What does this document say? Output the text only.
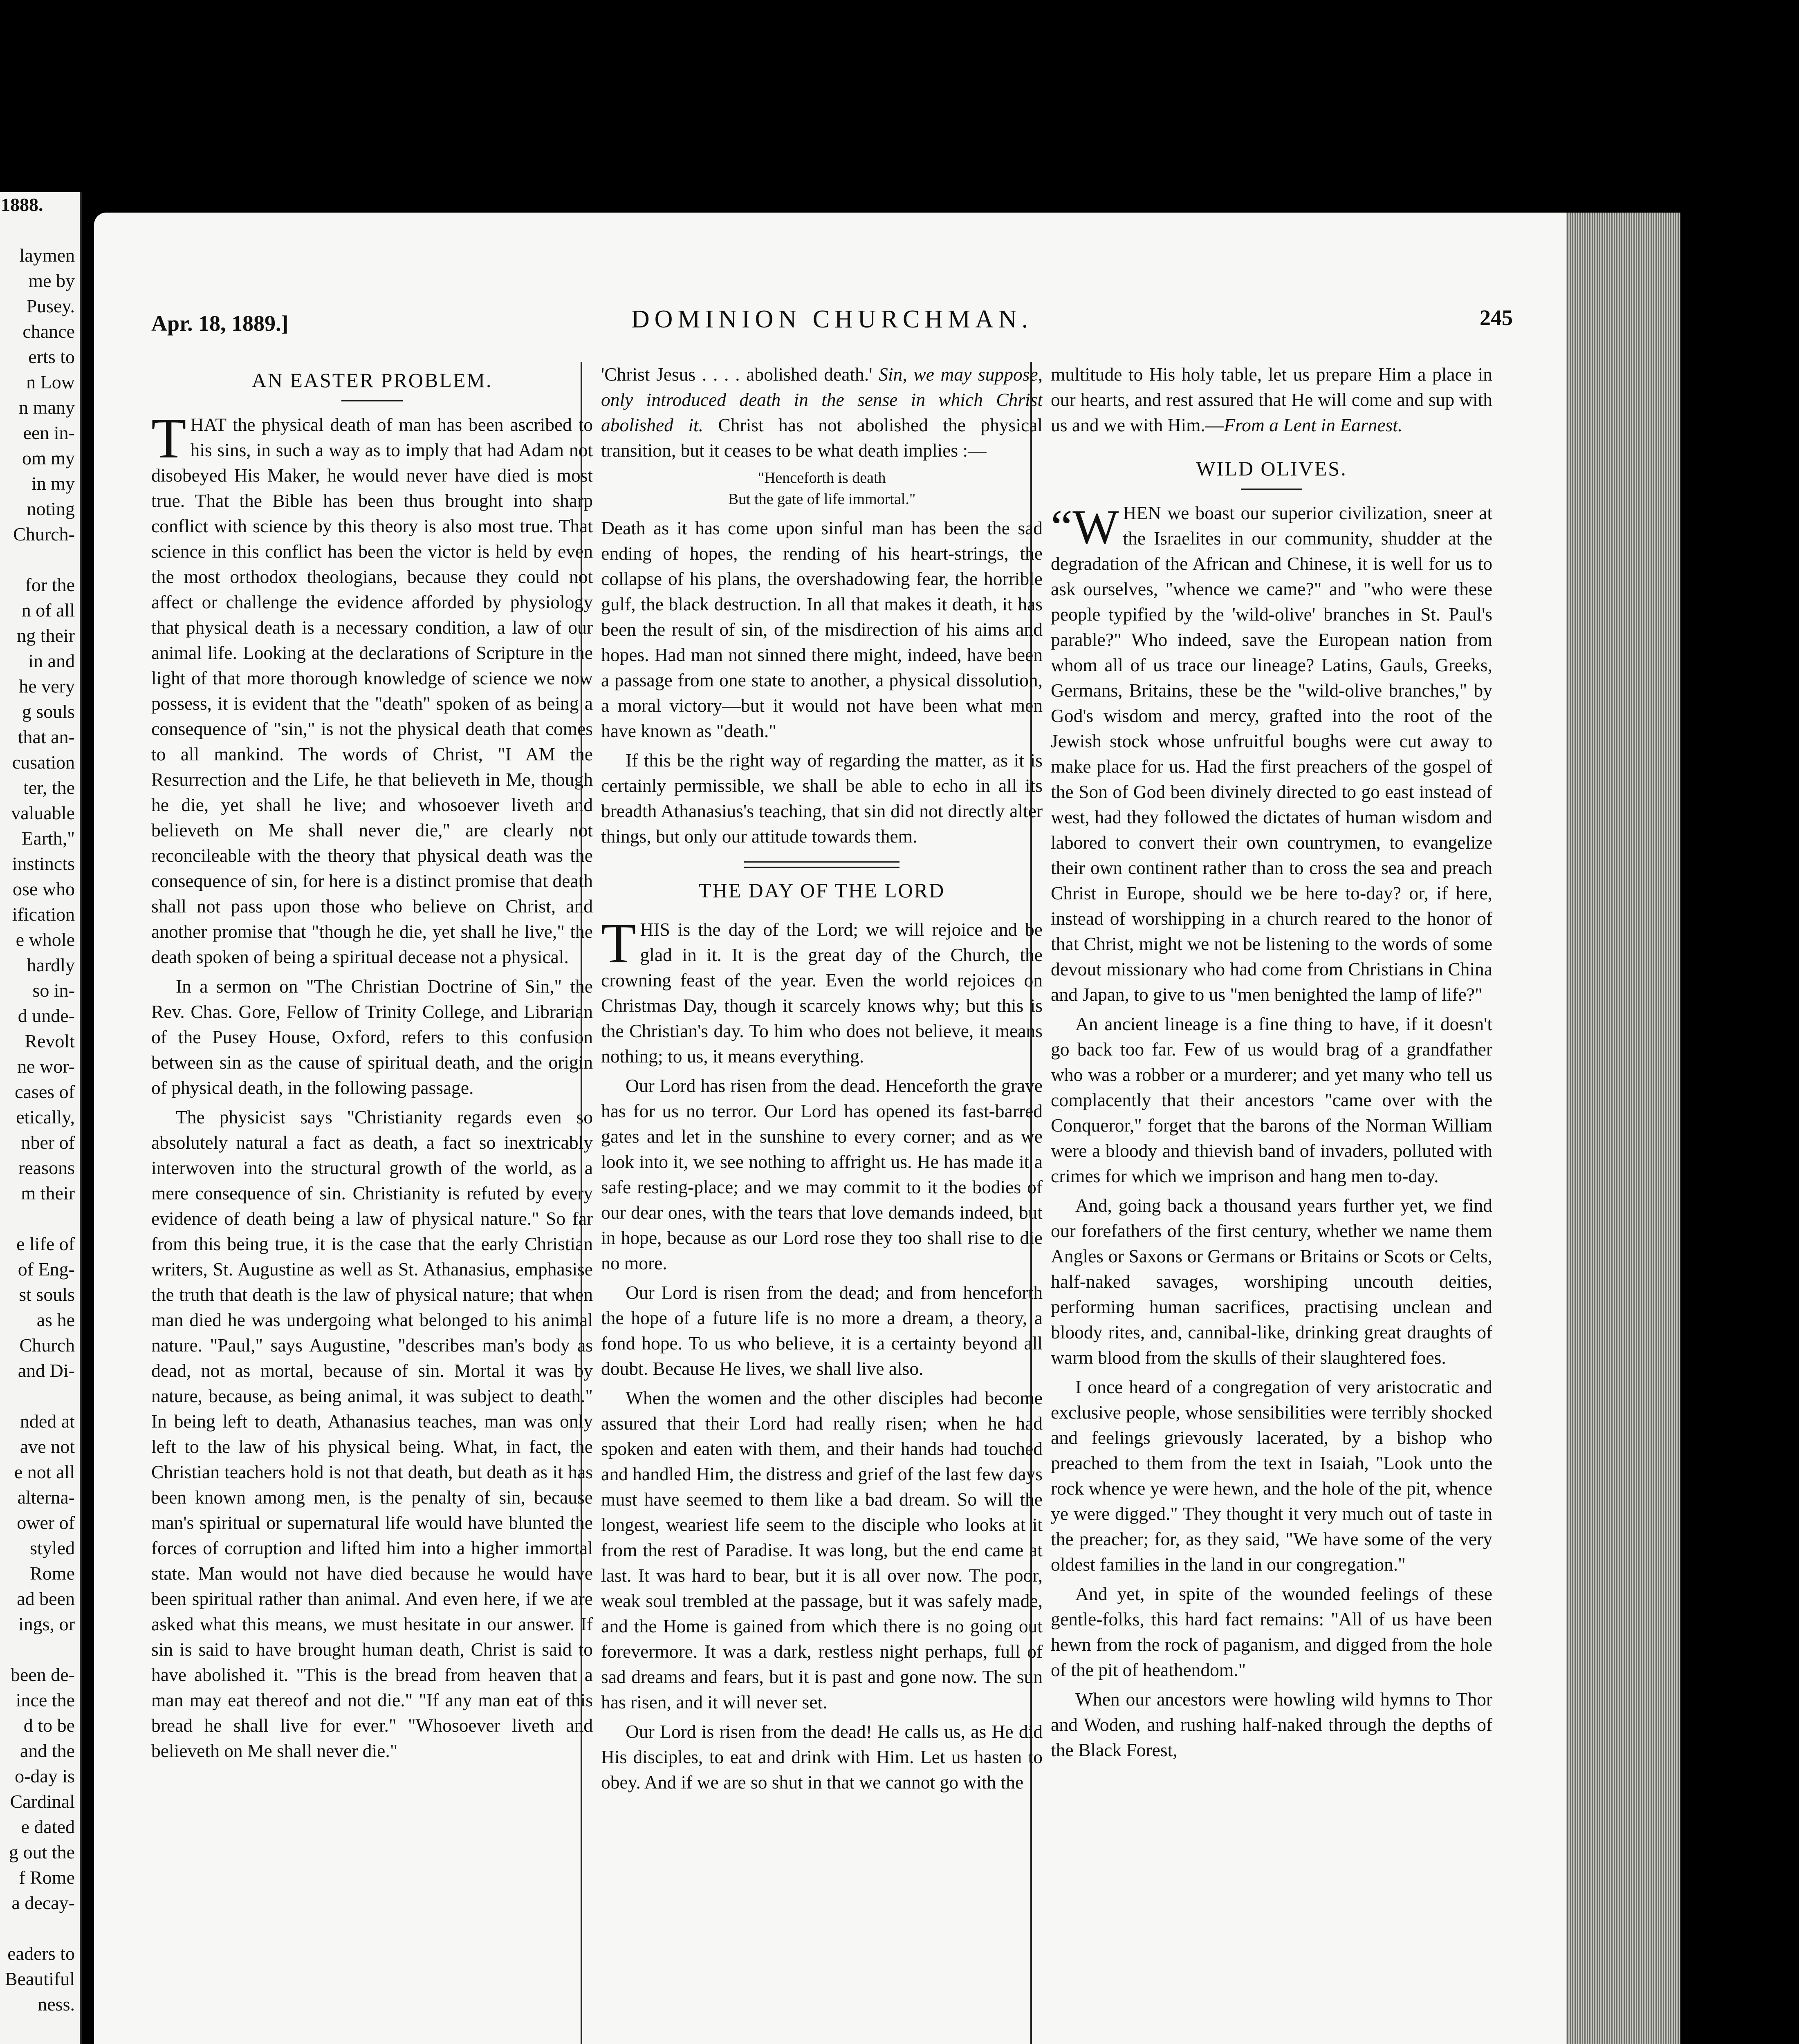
1888.
laymen
me by
Pusey.
chance
erts to
n Low
n many
een in-
om my
in my
noting
Church-
for the
n of all
ng their
in and
he very
g souls
that an-
cusation
ter, the
valuable
Earth,"
instincts
ose who
ification
e whole
hardly
so in-
d unde-
Revolt
ne wor-
cases of
etically,
nber of
reasons
m their
e life of
of Eng-
st souls
as he
Church
and Di-
nded at
ave not
e not all
alterna-
ower of
styled
Rome
ad been
ings, or
been de-
ince the
d to be
and the
o-day is
Cardinal
e dated
g out the
f Rome
a decay-
eaders to
Beautiful
ness.
Apr. 18, 1889.]	DOMINION CHURCHMAN.	245
AN EASTER PROBLEM.

THAT the physical death of man has been ascribed to his sins, in such a way as to imply that had Adam not disobeyed His Maker, he would never have died is most true. That the Bible has been thus brought into sharp conflict with science by this theory is also most true. That science in this conflict has been the victor is held by even the most orthodox theologians, because they could not affect or challenge the evidence afforded by physiology that physical death is a necessary condition, a law of our animal life. Looking at the declarations of Scripture in the light of that more thorough knowledge of science we now possess, it is evident that the "death" spoken of as being a consequence of "sin," is not the physical death that comes to all mankind. The words of Christ, "I AM the Resurrection and the Life, he that believeth in Me, though he die, yet shall he live; and whosoever liveth and believeth on Me shall never die," are clearly not reconcileable with the theory that physical death was the consequence of sin, for here is a distinct promise that death shall not pass upon those who believe on Christ, and another promise that "though he die, yet shall he live," the death spoken of being a spiritual decease not a physical.

In a sermon on "The Christian Doctrine of Sin," the Rev. Chas. Gore, Fellow of Trinity College, and Librarian of the Pusey House, Oxford, refers to this confusion between sin as the cause of spiritual death, and the origin of physical death, in the following passage.

The physicist says "Christianity regards even so absolutely natural a fact as death, a fact so inextricably interwoven into the structural growth of the world, as a mere consequence of sin. Christianity is refuted by every evidence of death being a law of physical nature." So far from this being true, it is the case that the early Christian writers, St. Augustine as well as St. Athanasius, emphasise the truth that death is the law of physical nature; that when man died he was undergoing what belonged to his animal nature. "Paul," says Augustine, "describes man's body as dead, not as mortal, because of sin. Mortal it was by nature, because, as being animal, it was subject to death." In being left to death, Athanasius teaches, man was only left to the law of his physical being. What, in fact, the Christian teachers hold is not that death, but death as it has been known among men, is the penalty of sin, because man's spiritual or supernatural life would have blunted the forces of corruption and lifted him into a higher immortal state. Man would not have died because he would have been spiritual rather than animal. And even here, if we are asked what this means, we must hesitate in our answer. If sin is said to have brought human death, Christ is said to have abolished it. "This is the bread from heaven that a man may eat thereof and not die." "If any man eat of this bread he shall live for ever." "Whosoever liveth and believeth on Me shall never die."

'Christ Jesus . . . . abolished death.' Sin, we may suppose, only introduced death in the sense in which Christ abolished it. Christ has not abolished the physical transition, but it ceases to be what death implies :—

"Henceforth is death
But the gate of life immortal."

Death as it has come upon sinful man has been the sad ending of hopes, the rending of his heart-strings, the collapse of his plans, the overshadowing fear, the horrible gulf, the black destruction. In all that makes it death, it has been the result of sin, of the misdirection of his aims and hopes. Had man not sinned there might, indeed, have been a passage from one state to another, a physical dissolution, a moral victory—but it would not have been what men have known as "death."

If this be the right way of regarding the matter, as it is certainly permissible, we shall be able to echo in all its breadth Athanasius's teaching, that sin did not directly alter things, but only our attitude towards them.

THE DAY OF THE LORD

THIS is the day of the Lord; we will rejoice and be glad in it. It is the great day of the Church, the crowning feast of the year. Even the world rejoices on Christmas Day, though it scarcely knows why; but this is the Christian's day. To him who does not believe, it means nothing; to us, it means everything.

Our Lord has risen from the dead. Henceforth the grave has for us no terror. Our Lord has opened its fast-barred gates and let in the sunshine to every corner; and as we look into it, we see nothing to affright us. He has made it a safe resting-place; and we may commit to it the bodies of our dear ones, with the tears that love demands indeed, but in hope, because as our Lord rose they too shall rise to die no more.

Our Lord is risen from the dead; and from henceforth the hope of a future life is no more a dream, a theory, a fond hope. To us who believe, it is a certainty beyond all doubt. Because He lives, we shall live also.

When the women and the other disciples had become assured that their Lord had really risen; when he had spoken and eaten with them, and their hands had touched and handled Him, the distress and grief of the last few days must have seemed to them like a bad dream. So will the longest, weariest life seem to the disciple who looks at it from the rest of Paradise. It was long, but the end came at last. It was hard to bear, but it is all over now. The poor, weak soul trembled at the passage, but it was safely made, and the Home is gained from which there is no going out forevermore. It was a dark, restless night perhaps, full of sad dreams and fears, but it is past and gone now. The sun has risen, and it will never set.

Our Lord is risen from the dead! He calls us, as He did His disciples, to eat and drink with Him. Let us hasten to obey. And if we are so shut in that we cannot go with the

multitude to His holy table, let us prepare Him a place in our hearts, and rest assured that He will come and sup with us and we with Him.—From a Lent in Earnest.

WILD OLIVES.

“WHEN we boast our superior civilization, sneer at the Israelites in our community, shudder at the degradation of the African and Chinese, it is well for us to ask ourselves, "whence we came?" and "who were these people typified by the 'wild-olive' branches in St. Paul's parable?" Who indeed, save the European nation from whom all of us trace our lineage? Latins, Gauls, Greeks, Germans, Britains, these be the "wild-olive branches," by God's wisdom and mercy, grafted into the root of the Jewish stock whose unfruitful boughs were cut away to make place for us. Had the first preachers of the gospel of the Son of God been divinely directed to go east instead of west, had they followed the dictates of human wisdom and labored to convert their own countrymen, to evangelize their own continent rather than to cross the sea and preach Christ in Europe, should we be here to-day? or, if here, instead of worshipping in a church reared to the honor of that Christ, might we not be listening to the words of some devout missionary who had come from Christians in China and Japan, to give to us "men benighted the lamp of life?"

An ancient lineage is a fine thing to have, if it doesn't go back too far. Few of us would brag of a grandfather who was a robber or a murderer; and yet many who tell us complacently that their ancestors "came over with the Conqueror," forget that the barons of the Norman William were a bloody and thievish band of invaders, polluted with crimes for which we imprison and hang men to-day.

And, going back a thousand years further yet, we find our forefathers of the first century, whether we name them Angles or Saxons or Germans or Britains or Scots or Celts, half-naked savages, worshiping uncouth deities, performing human sacrifices, practising unclean and bloody rites, and, cannibal-like, drinking great draughts of warm blood from the skulls of their slaughtered foes.

I once heard of a congregation of very aristocratic and exclusive people, whose sensibilities were terribly shocked and feelings grievously lacerated, by a bishop who preached to them from the text in Isaiah, "Look unto the rock whence ye were hewn, and the hole of the pit, whence ye were digged." They thought it very much out of taste in the preacher; for, as they said, "We have some of the very oldest families in the land in our congregation."

And yet, in spite of the wounded feelings of these gentle-folks, this hard fact remains: "All of us have been hewn from the rock of paganism, and digged from the hole of the pit of heathendom."

When our ancestors were howling wild hymns to Thor and Woden, and rushing half-naked through the depths of the Black Forest,
